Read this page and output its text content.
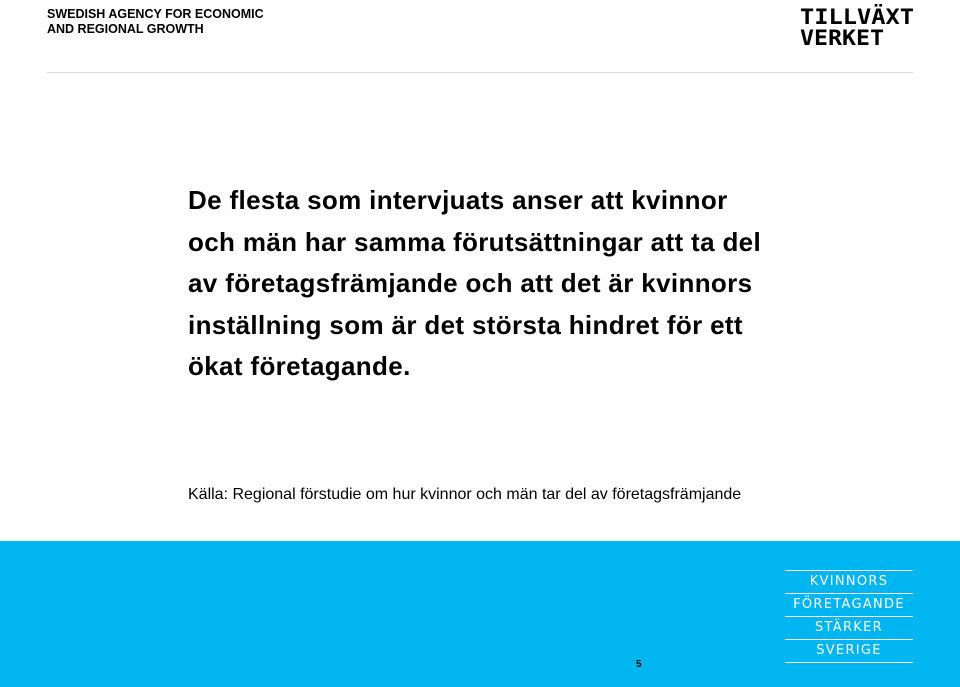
SWEDISH AGENCY FOR ECONOMIC
AND REGIONAL GROWTH	TILLVÄXT
VERKET
De flesta som intervjuats anser att kvinnor
och män har samma förutsättningar att ta del
av företagsfrämjande och att det är kvinnors
inställning som är det största hindret för ett
ökat företagande.
Källa: Regional förstudie om hur kvinnor och män tar del av företagsfrämjande
5
KVINNORS
FÖRETAGANDE
STÄRKER
SVERIGE
